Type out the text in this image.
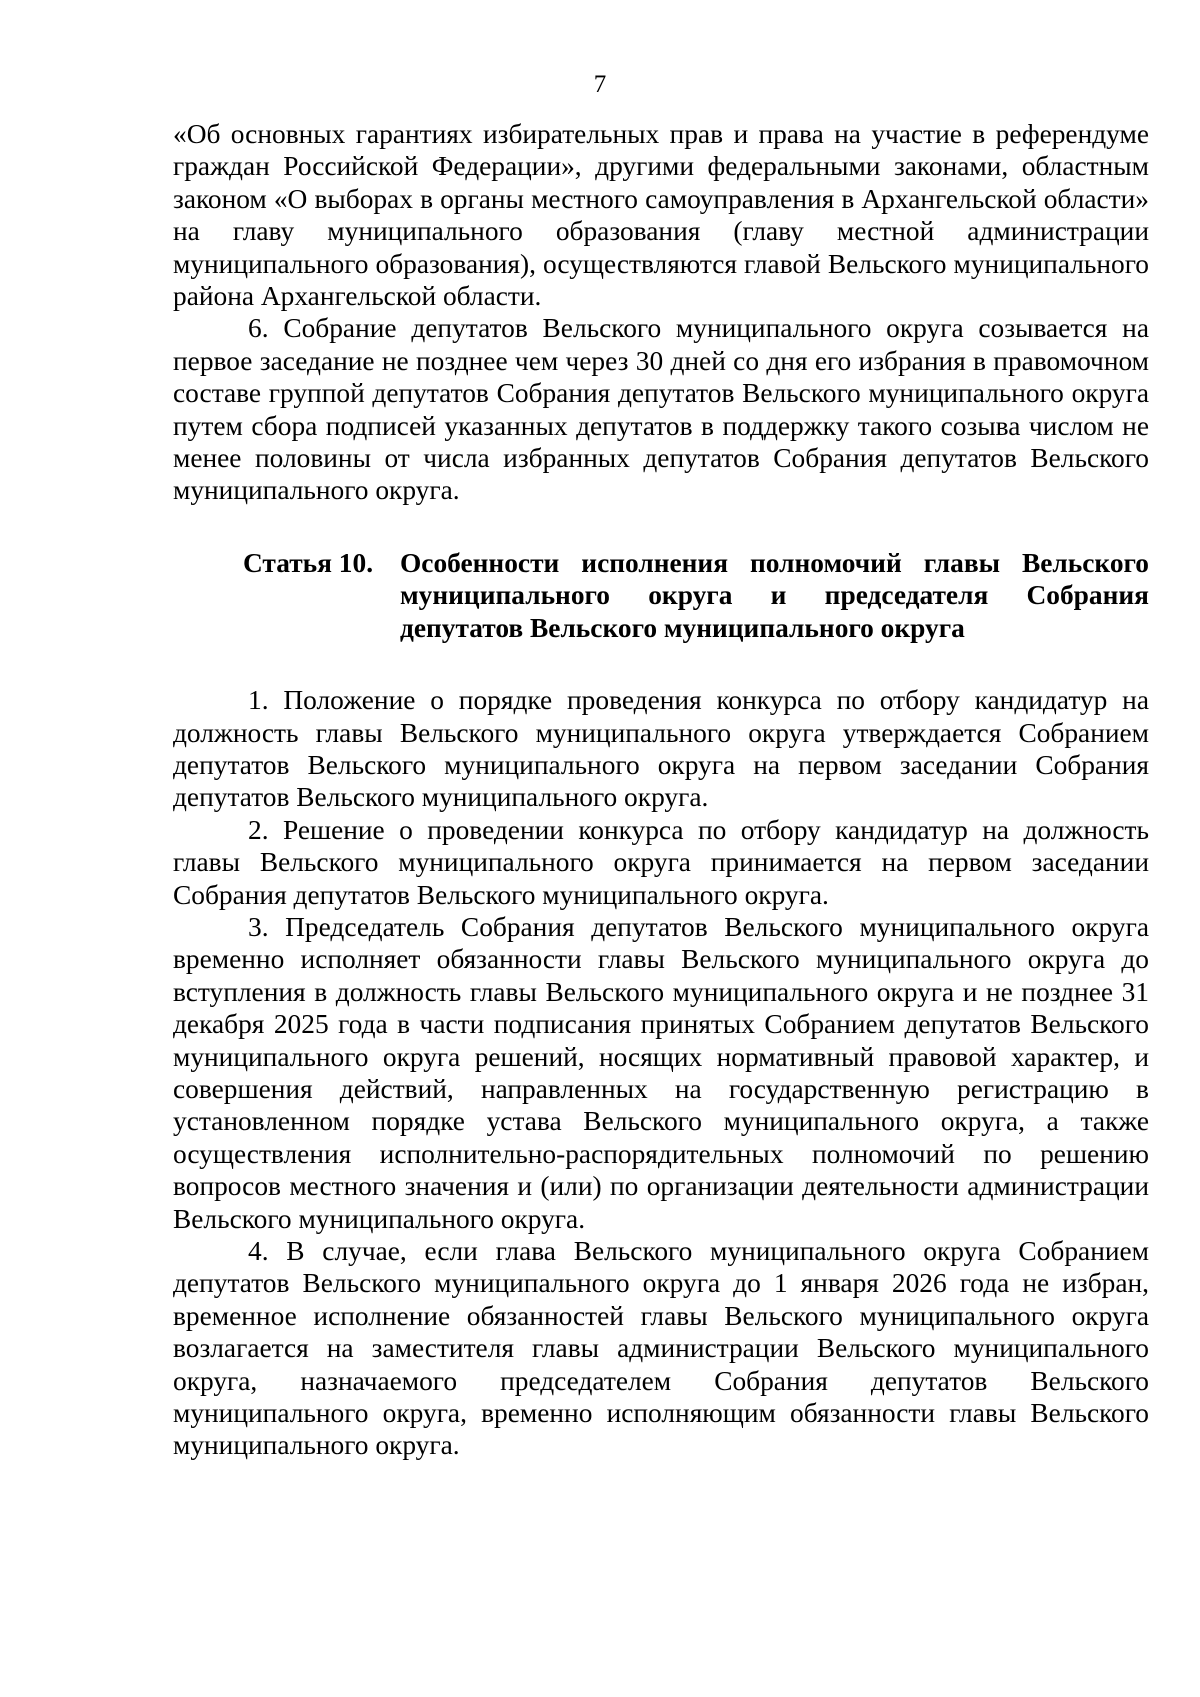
7

«Об основных гарантиях избирательных прав и права на участие в референдуме граждан Российской Федерации», другими федеральными законами, областным законом «О выборах в органы местного самоуправления в Архангельской области» на главу муниципального образования (главу местной администрации муниципального образования), осуществляются главой Вельского муниципального района Архангельской области.

6. Собрание депутатов Вельского муниципального округа созывается на первое заседание не позднее чем через 30 дней со дня его избрания в правомочном составе группой депутатов Собрания депутатов Вельского муниципального округа путем сбора подписей указанных депутатов в поддержку такого созыва числом не менее половины от числа избранных депутатов Собрания депутатов Вельского муниципального округа.

Статья 10. Особенности исполнения полномочий главы Вельского муниципального округа и председателя Собрания депутатов Вельского муниципального округа

1. Положение о порядке проведения конкурса по отбору кандидатур на должность главы Вельского муниципального округа утверждается Собранием депутатов Вельского муниципального округа на первом заседании Собрания депутатов Вельского муниципального округа.

2. Решение о проведении конкурса по отбору кандидатур на должность главы Вельского муниципального округа принимается на первом заседании Собрания депутатов Вельского муниципального округа.

3. Председатель Собрания депутатов Вельского муниципального округа временно исполняет обязанности главы Вельского муниципального округа до вступления в должность главы Вельского муниципального округа и не позднее 31 декабря 2025 года в части подписания принятых Собранием депутатов Вельского муниципального округа решений, носящих нормативный правовой характер, и совершения действий, направленных на государственную регистрацию в установленном порядке устава Вельского муниципального округа, а также осуществления исполнительно-распорядительных полномочий по решению вопросов местного значения и (или) по организации деятельности администрации Вельского муниципального округа.

4. В случае, если глава Вельского муниципального округа Собранием депутатов Вельского муниципального округа до 1 января 2026 года не избран, временное исполнение обязанностей главы Вельского муниципального округа возлагается на заместителя главы администрации Вельского муниципального округа, назначаемого председателем Собрания депутатов Вельского муниципального округа, временно исполняющим обязанности главы Вельского муниципального округа.
